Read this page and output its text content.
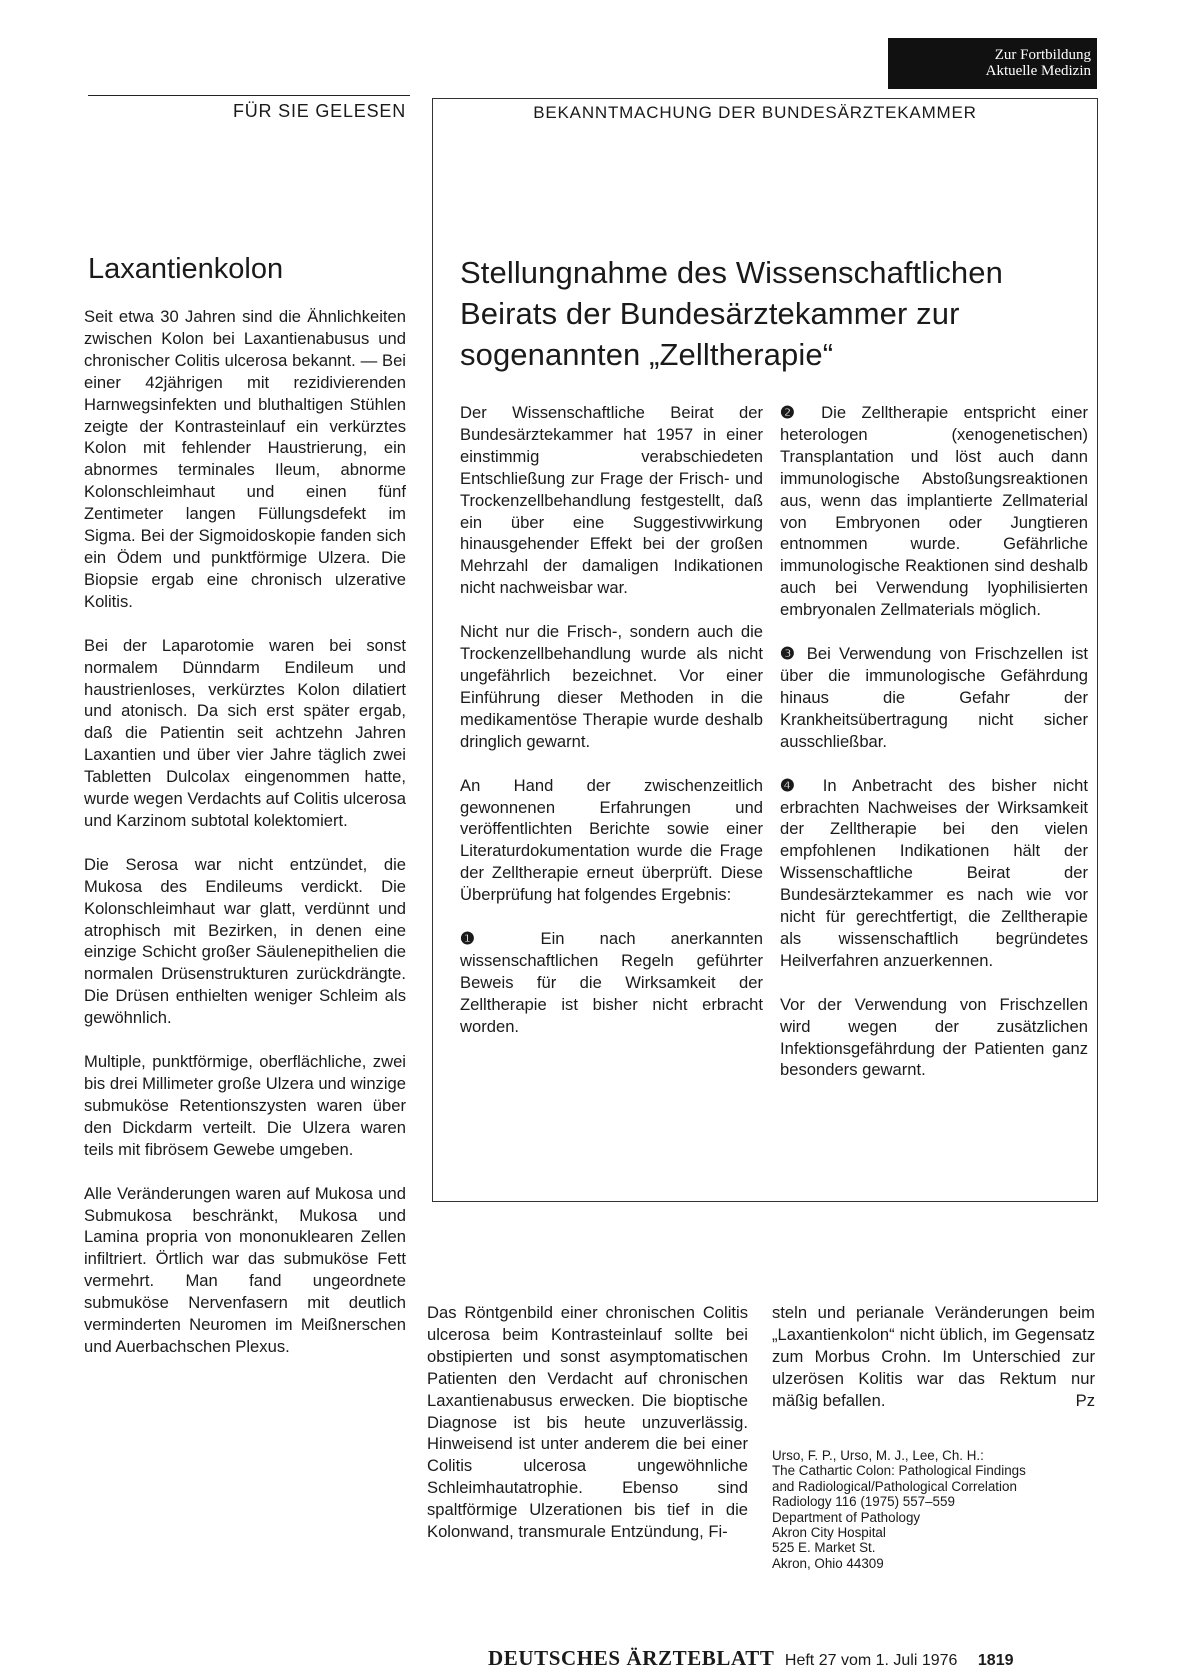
Zur Fortbildung
Aktuelle Medizin
FÜR SIE GELESEN	BEKANNTMACHUNG DER BUNDESÄRZTEKAMMER
Laxantienkolon

Seit etwa 30 Jahren sind die Ähnlichkeiten zwischen Kolon bei Laxantienabusus und chronischer Colitis ulcerosa bekannt. — Bei einer 42jährigen mit rezidivierenden Harnwegsinfekten und bluthaltigen Stühlen zeigte der Kontrasteinlauf ein verkürztes Kolon mit fehlender Haustrierung, ein abnormes terminales Ileum, abnorme Kolonschleimhaut und einen fünf Zentimeter langen Füllungsdefekt im Sigma. Bei der Sigmoidoskopie fanden sich ein Ödem und punktförmige Ulzera. Die Biopsie ergab eine chronisch ulzerative Kolitis.

Bei der Laparotomie waren bei sonst normalem Dünndarm Endileum und haustrienloses, verkürztes Kolon dilatiert und atonisch. Da sich erst später ergab, daß die Patientin seit achtzehn Jahren Laxantien und über vier Jahre täglich zwei Tabletten Dulcolax eingenommen hatte, wurde wegen Verdachts auf Colitis ulcerosa und Karzinom subtotal kolektomiert.

Die Serosa war nicht entzündet, die Mukosa des Endileums verdickt. Die Kolonschleimhaut war glatt, verdünnt und atrophisch mit Bezirken, in denen eine einzige Schicht großer Säulenepithelien die normalen Drüsenstrukturen zurückdrängte. Die Drüsen enthielten weniger Schleim als gewöhnlich.

Multiple, punktförmige, oberflächliche, zwei bis drei Millimeter große Ulzera und winzige submuköse Retentionszysten waren über den Dickdarm verteilt. Die Ulzera waren teils mit fibrösem Gewebe umgeben.

Alle Veränderungen waren auf Mukosa und Submukosa beschränkt, Mukosa und Lamina propria von mononuklearen Zellen infiltriert. Örtlich war das submuköse Fett vermehrt. Man fand ungeordnete submuköse Nervenfasern mit deutlich verminderten Neuromen im Meißnerschen und Auerbachschen Plexus.

Stellungnahme des Wissenschaftlichen Beirats der Bundesärztekammer zur sogenannten „Zelltherapie“

Der Wissenschaftliche Beirat der Bundesärztekammer hat 1957 in einer einstimmig verabschiedeten Entschließung zur Frage der Frisch- und Trockenzellbehandlung festgestellt, daß ein über eine Suggestivwirkung hinausgehender Effekt bei der großen Mehrzahl der damaligen Indikationen nicht nachweisbar war.

Nicht nur die Frisch-, sondern auch die Trockenzellbehandlung wurde als nicht ungefährlich bezeichnet. Vor einer Einführung dieser Methoden in die medikamentöse Therapie wurde deshalb dringlich gewarnt.

An Hand der zwischenzeitlich gewonnenen Erfahrungen und veröffentlichten Berichte sowie einer Literaturdokumentation wurde die Frage der Zelltherapie erneut überprüft. Diese Überprüfung hat folgendes Ergebnis:

❶ Ein nach anerkannten wissenschaftlichen Regeln geführter Beweis für die Wirksamkeit der Zelltherapie ist bisher nicht erbracht worden.

❷ Die Zelltherapie entspricht einer heterologen (xenogenetischen) Transplantation und löst auch dann immunologische Abstoßungsreaktionen aus, wenn das implantierte Zellmaterial von Embryonen oder Jungtieren entnommen wurde. Gefährliche immunologische Reaktionen sind deshalb auch bei Verwendung lyophilisierten embryonalen Zellmaterials möglich.

❸ Bei Verwendung von Frischzellen ist über die immunologische Gefährdung hinaus die Gefahr der Krankheitsübertragung nicht sicher ausschließbar.

❹ In Anbetracht des bisher nicht erbrachten Nachweises der Wirksamkeit der Zelltherapie bei den vielen empfohlenen Indikationen hält der Wissenschaftliche Beirat der Bundesärztekammer es nach wie vor nicht für gerechtfertigt, die Zelltherapie als wissenschaftlich begründetes Heilverfahren anzuerkennen.

Vor der Verwendung von Frischzellen wird wegen der zusätzlichen Infektionsgefährdung der Patienten ganz besonders gewarnt.

Das Röntgenbild einer chronischen Colitis ulcerosa beim Kontrasteinlauf sollte bei obstipierten und sonst asymptomatischen Patienten den Verdacht auf chronischen Laxantienabusus erwecken. Die bioptische Diagnose ist bis heute unzuverlässig. Hinweisend ist unter anderem die bei einer Colitis ulcerosa ungewöhnliche Schleimhautatrophie. Ebenso sind spaltförmige Ulzerationen bis tief in die Kolonwand, transmurale Entzündung, Fi-

steln und perianale Veränderungen beim „Laxantienkolon“ nicht üblich, im Gegensatz zum Morbus Crohn. Im Unterschied zur ulzerösen Kolitis war das Rektum nur mäßig befallen.	Pz

Urso, F. P., Urso, M. J., Lee, Ch. H.:
The Cathartic Colon: Pathological Findings
and Radiological/Pathological Correlation
Radiology 116 (1975) 557–559
Department of Pathology
Akron City Hospital
525 E. Market St.
Akron, Ohio 44309
DEUTSCHES ÄRZTEBLATT Heft 27 vom 1. Juli 1976 1819
